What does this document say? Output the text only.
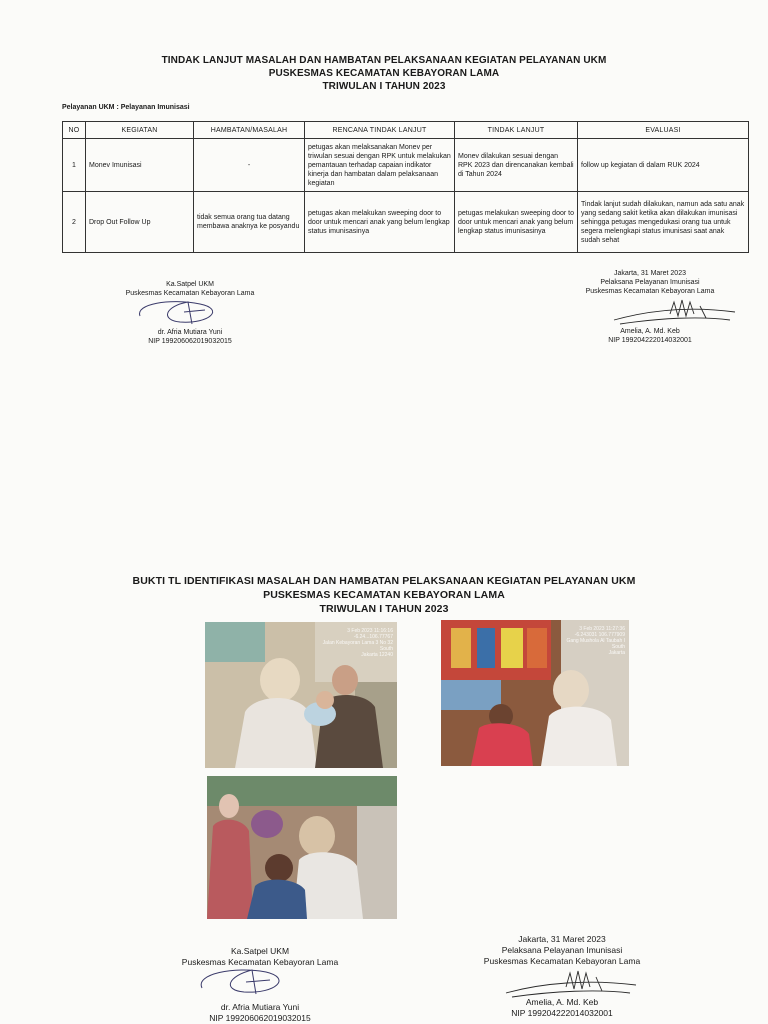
TINDAK LANJUT MASALAH DAN HAMBATAN PELAKSANAAN KEGIATAN PELAYANAN UKM
PUSKESMAS KECAMATAN KEBAYORAN LAMA
TRIWULAN I TAHUN 2023
Pelayanan UKM : Pelayanan Imunisasi
NO	KEGIATAN	HAMBATAN/MASALAH	RENCANA TINDAK LANJUT	TINDAK LANJUT	EVALUASI
1	Monev Imunisasi	-	petugas akan melaksanakan Monev per triwulan sesuai dengan RPK untuk melakukan pemantauan terhadap capaian indikator kinerja dan hambatan dalam pelaksanaan kegiatan	Monev dilakukan sesuai dengan RPK 2023 dan direncanakan kembali di Tahun 2024	follow up kegiatan di dalam RUK 2024
2	Drop Out Follow Up	tidak semua orang tua datang membawa anaknya ke posyandu	petugas akan melakukan sweeping door to door untuk mencari anak yang belum lengkap status imunisasinya	petugas melakukan sweeping door to door untuk mencari anak yang belum lengkap status imunisasinya	Tindak lanjut sudah dilakukan, namun ada satu anak yang sedang sakit ketika akan dilakukan imunisasi sehingga petugas mengedukasi orang tua untuk segera melengkapi status imunisasi saat anak sudah sehat
Ka.Satpel UKM
Puskesmas Kecamatan Kebayoran Lama
dr. Afria Mutiara Yuni
NIP 199206062019032015
Jakarta, 31 Maret 2023
Pelaksana Pelayanan Imunisasi
Puskesmas Kecamatan Kebayoran Lama
Amelia, A. Md. Keb
NIP 199204222014032001
BUKTI TL IDENTIFIKASI MASALAH DAN HAMBATAN PELAKSANAAN KEGIATAN PELAYANAN UKM
PUSKESMAS KECAMATAN KEBAYORAN LAMA
TRIWULAN I TAHUN 2023
3 Feb 2023 11:16:16
-6.24...106.77767
Jalan Kebayoran Lama 3 No 32
South
Jakarta 12240
3 Feb 2023 11:27:36
-6.243031 106.777909
Gang Mushola Al Taubah I
South
Jakarta
Ka.Satpel UKM
Puskesmas Kecamatan Kebayoran Lama
dr. Afria Mutiara Yuni
NIP 199206062019032015
Jakarta, 31 Maret 2023
Pelaksana Pelayanan Imunisasi
Puskesmas Kecamatan Kebayoran Lama
Amelia, A. Md. Keb
NIP 199204222014032001
